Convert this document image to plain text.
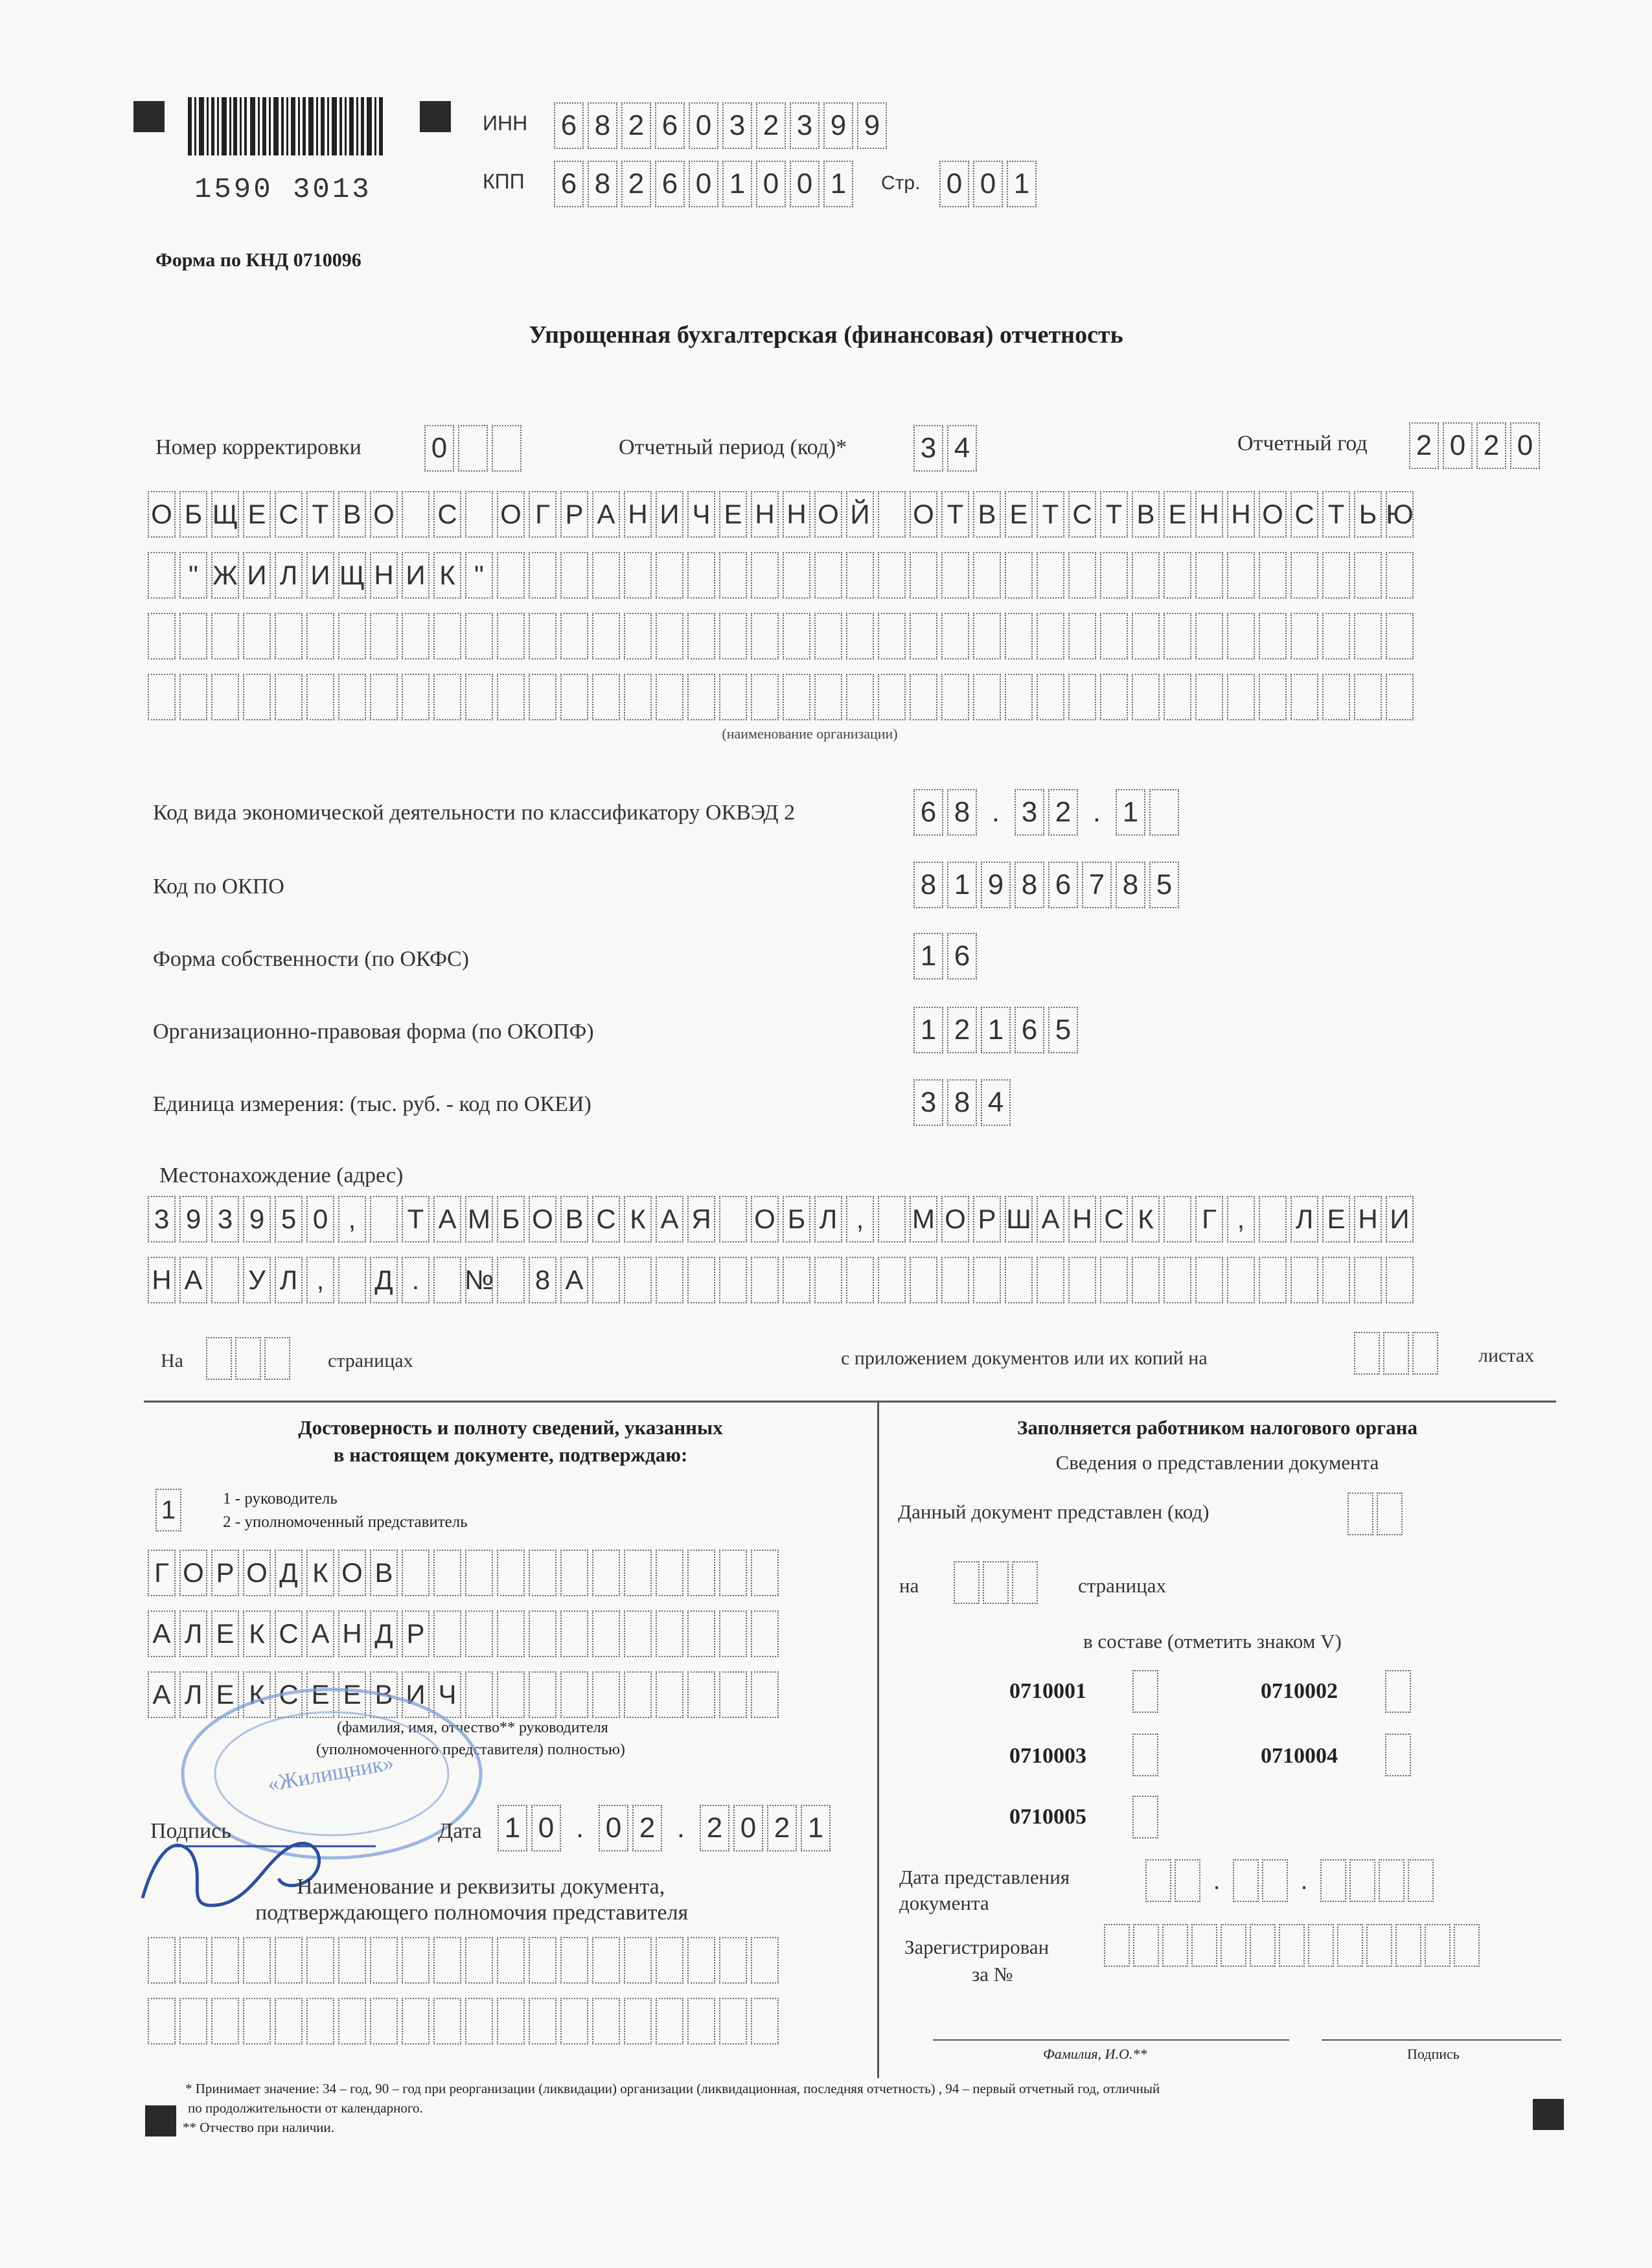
1590 3013
ИНН 6 8 2 6 0 3 2 3 9 9
КПП 6 8 2 6 0 1 0 0 1	Стр. 0 0 1
Форма по КНД 0710096
Упрощенная бухгалтерская (финансовая) отчетность
Номер корректировки 0	Отчетный период (код)*	3 4	Отчетный год 2 0 2 0
О Б Щ Е С Т В О С О Г Р А Н И Ч Е Н Н О Й О Т В Е Т С Т В Е Н Н О С Т Ь Ю
" Ж И Л И Щ Н И К "
(наименование организации)
Код вида экономической деятельности по классификатору ОКВЭД 2	6 8 . 3 2 . 1
Код по ОКПО	8 1 9 8 6 7 8 5
Форма собственности (по ОКФС)	1 6
Организационно-правовая форма (по ОКОПФ)	1 2 1 6 5
Единица измерения: (тыс. руб. - код по ОКЕИ)	3 8 4
Местонахождение (адрес)
3 9 3 9 5 0 ,	Т А М Б О В С К А Я О Б Л ,	М О Р Ш А Н С К Г ,	Л Е Н И
Н А У Л ,	Д .	№ 8 А
На	страницах	с приложением документов или их копий на	листах
Достоверность и полноту сведений, указанных
в настоящем документе, подтверждаю:
1	1 - руководитель
2 - уполномоченный представитель
Г О Р О Д К О В
А Л Е К С А Н Д Р
А Л Е К С Е Е В И Ч
(фамилия, имя, отчество** руководителя
(уполномоченного представителя) полностью)
«Жилищник»
Подпись	Дата 1 0 . 0 2 . 2 0 2 1
Наименование и реквизиты документа,
подтверждающего полномочия представителя
Заполняется работником налогового органа
Сведения о представлении документа
Данный документ представлен (код)
на	страницах
в составе (отметить знаком V)
0710001	0710002
0710003	0710004
0710005
Дата представления
документа
.	.
Зарегистрирован
за №
Фамилия, И.О.**	Подпись
* Принимает значение: 34 – год, 90 – год при реорганизации (ликвидации) организации (ликвидационная, последняя отчетность) , 94 – первый отчетный год, отличный
по продолжительности от календарного.
** Отчество при наличии.
